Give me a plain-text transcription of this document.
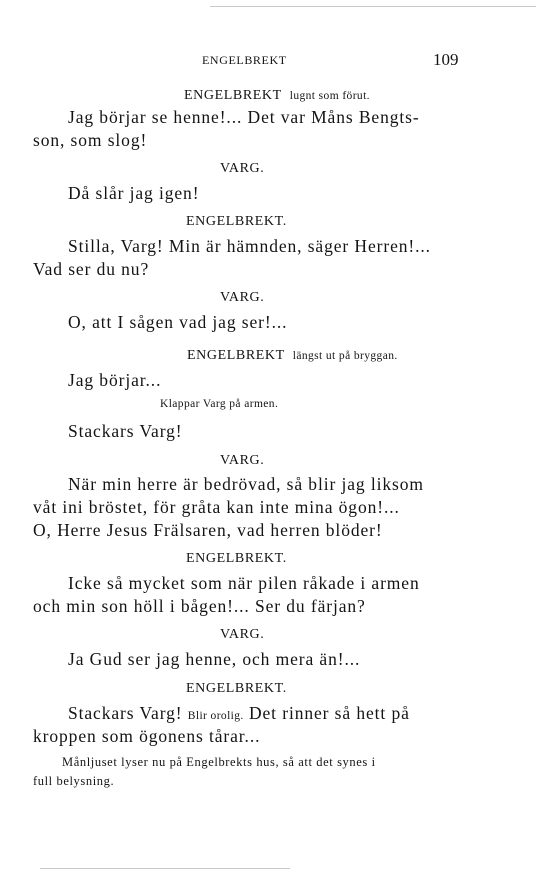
ENGELBREKT	109
ENGELBREKT lugnt som förut.
Jag börjar se henne!... Det var Måns Bengts-
son, som slog!
VARG.
Då slår jag igen!
ENGELBREKT.
Stilla, Varg! Min är hämnden, säger Herren!...
Vad ser du nu?
VARG.
O, att I sågen vad jag ser!...
ENGELBREKT längst ut på bryggan.
Jag börjar...
Klappar Varg på armen.
Stackars Varg!
VARG.
När min herre är bedrövad, så blir jag liksom
våt ini bröstet, för gråta kan inte mina ögon!...
O, Herre Jesus Frälsaren, vad herren blöder!
ENGELBREKT.
Icke så mycket som när pilen råkade i armen
och min son höll i bågen!... Ser du färjan?
VARG.
Ja Gud ser jag henne, och mera än!...
ENGELBREKT.
Stackars Varg! Blir orolig. Det rinner så hett på
kroppen som ögonens tårar...
Månljuset lyser nu på Engelbrekts hus, så att det synes i
full belysning.
